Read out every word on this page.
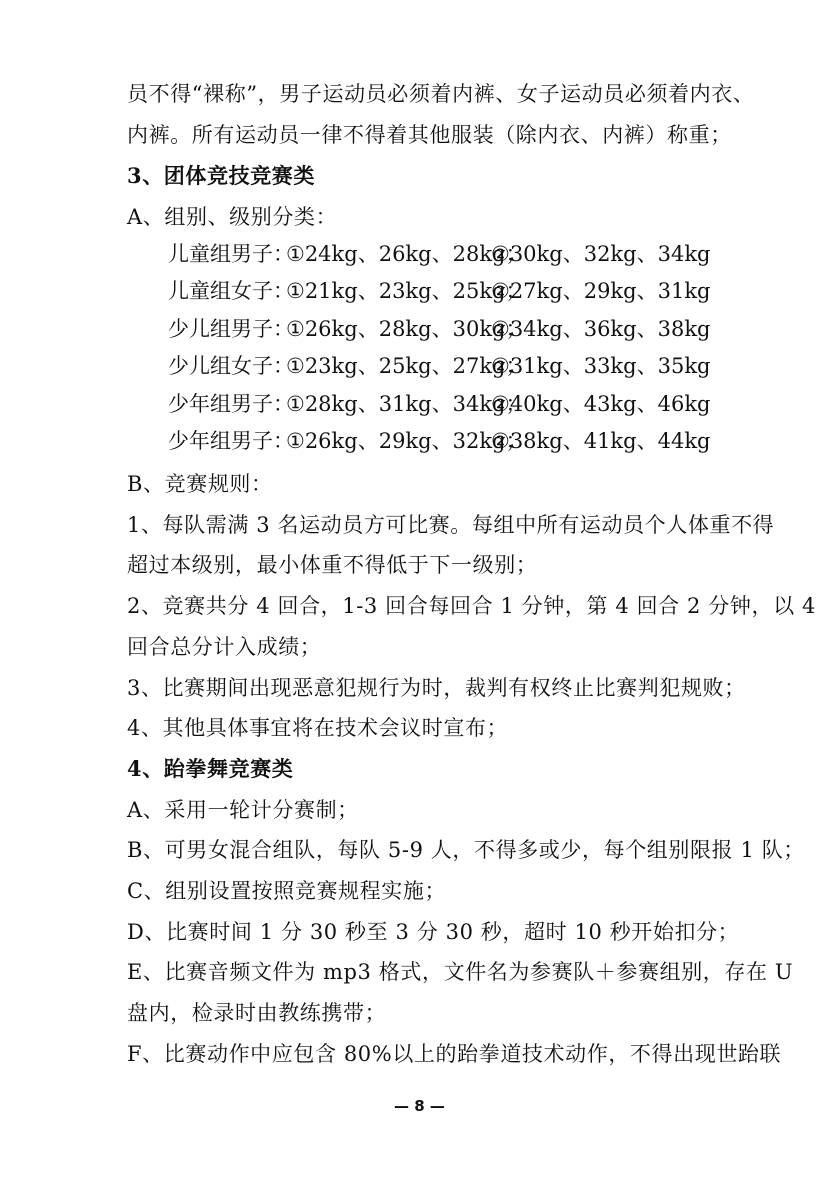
员不得“裸称”，男子运动员必须着内裤、女子运动员必须着内衣、
内裤。所有运动员一律不得着其他服装（除内衣、内裤）称重；
3、团体竞技竞赛类
A、组别、级别分类：
儿童组男子：①24kg、26kg、28kg；②30kg、32kg、34kg
儿童组女子：①21kg、23kg、25kg；②27kg、29kg、31kg
少儿组男子：①26kg、28kg、30kg；②34kg、36kg、38kg
少儿组女子：①23kg、25kg、27kg；②31kg、33kg、35kg
少年组男子：①28kg、31kg、34kg；②40kg、43kg、46kg
少年组男子：①26kg、29kg、32kg；②38kg、41kg、44kg
B、竞赛规则：
1、每队需满 3 名运动员方可比赛。每组中所有运动员个人体重不得
超过本级别，最小体重不得低于下一级别；
2、竞赛共分 4 回合，1-3 回合每回合 1 分钟，第 4 回合 2 分钟，以 4
回合总分计入成绩；
3、比赛期间出现恶意犯规行为时，裁判有权终止比赛判犯规败；
4、其他具体事宜将在技术会议时宣布；
4、跆拳舞竞赛类
A、采用一轮计分赛制；
B、可男女混合组队，每队 5-9 人，不得多或少，每个组别限报 1 队；
C、组别设置按照竞赛规程实施；
D、比赛时间 1 分 30 秒至 3 分 30 秒，超时 10 秒开始扣分；
E、比赛音频文件为 mp3 格式，文件名为参赛队＋参赛组别，存在 U
盘内，检录时由教练携带；
F、比赛动作中应包含 80%以上的跆拳道技术动作，不得出现世跆联
— 8 —
